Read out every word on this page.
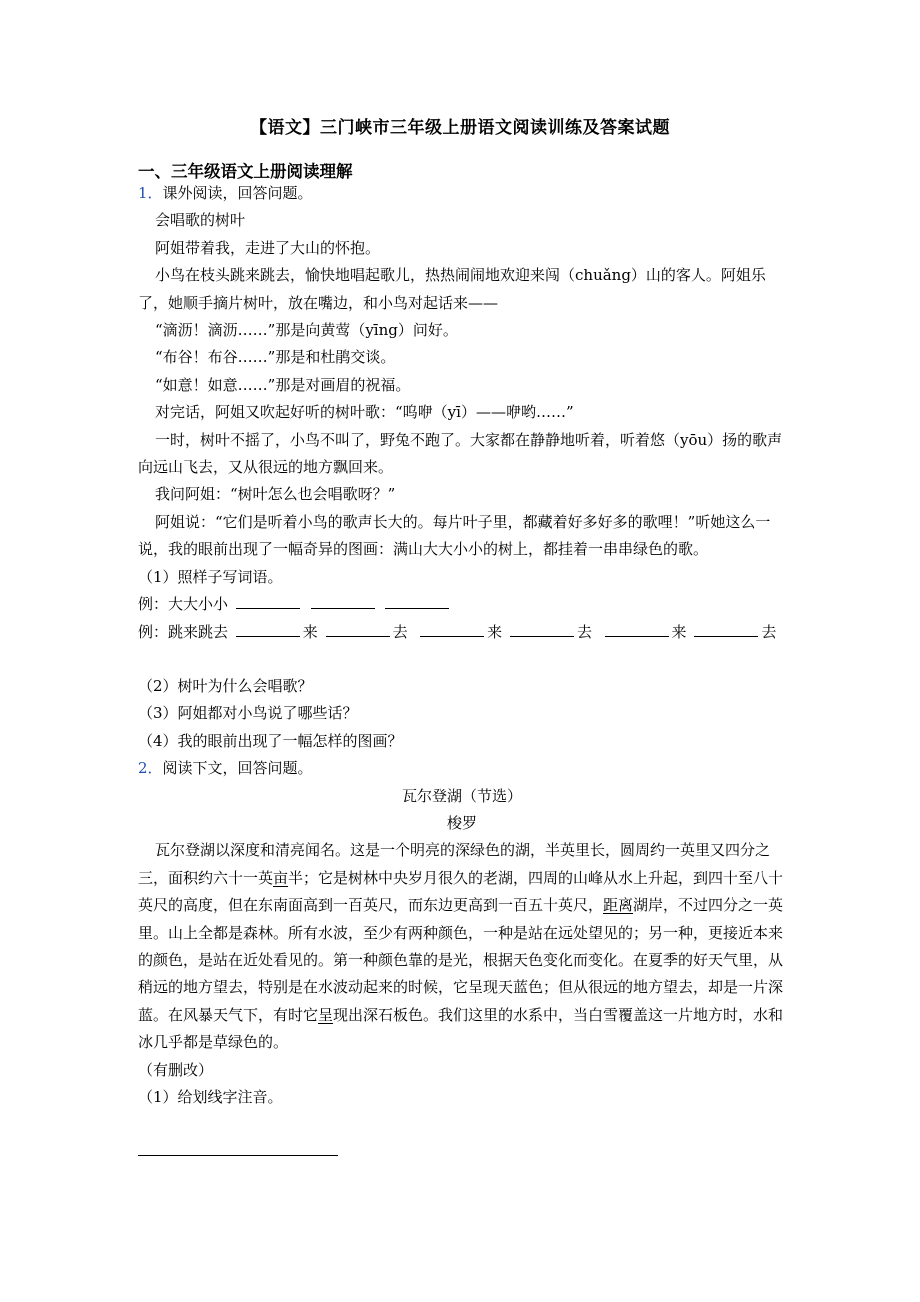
【语文】三门峡市三年级上册语文阅读训练及答案试题
一、三年级语文上册阅读理解

1．课外阅读，回答问题。

会唱歌的树叶

阿姐带着我，走进了大山的怀抱。

小鸟在枝头跳来跳去，愉快地唱起歌儿，热热闹闹地欢迎来闯（chuǎng）山的客人。阿姐乐了，她顺手摘片树叶，放在嘴边，和小鸟对起话来——

“滴沥！滴沥……”那是向黄莺（yīng）问好。

“布谷！布谷……”那是和杜鹃交谈。

“如意！如意……”那是对画眉的祝福。

对完话，阿姐又吹起好听的树叶歌：“呜咿（yī）——咿哟……”

一时，树叶不摇了，小鸟不叫了，野兔不跑了。大家都在静静地听着，听着悠（yōu）扬的歌声向远山飞去，又从很远的地方飘回来。

我问阿姐：“树叶怎么也会唱歌呀？”

阿姐说：“它们是听着小鸟的歌声长大的。每片叶子里，都藏着好多好多的歌哩！”听她这么一说，我的眼前出现了一幅奇异的图画：满山大大小小的树上，都挂着一串串绿色的歌。

（1）照样子写词语。

例：大大小小

例：跳来跳去	来	去	来	去	来	去

（2）树叶为什么会唱歌？

（3）阿姐都对小鸟说了哪些话？

（4）我的眼前出现了一幅怎样的图画？

2．阅读下文，回答问题。

瓦尔登湖（节选）

梭罗

瓦尔登湖以深度和清亮闻名。这是一个明亮的深绿色的湖，半英里长，圆周约一英里又四分之三，面积约六十一英亩半；它是树林中央岁月很久的老湖，四周的山峰从水上升起，到四十至八十英尺的高度，但在东南面高到一百英尺，而东边更高到一百五十英尺，距离湖岸，不过四分之一英里。山上全都是森林。所有水波，至少有两种颜色，一种是站在远处望见的；另一种，更接近本来的颜色，是站在近处看见的。第一种颜色靠的是光，根据天色变化而变化。在夏季的好天气里，从稍远的地方望去，特别是在水波动起来的时候，它呈现天蓝色；但从很远的地方望去，却是一片深蓝。在风暴天气下，有时它呈现出深石板色。我们这里的水系中，当白雪覆盖这一片地方时，水和冰几乎都是草绿色的。

（有删改）

（1）给划线字注音。
